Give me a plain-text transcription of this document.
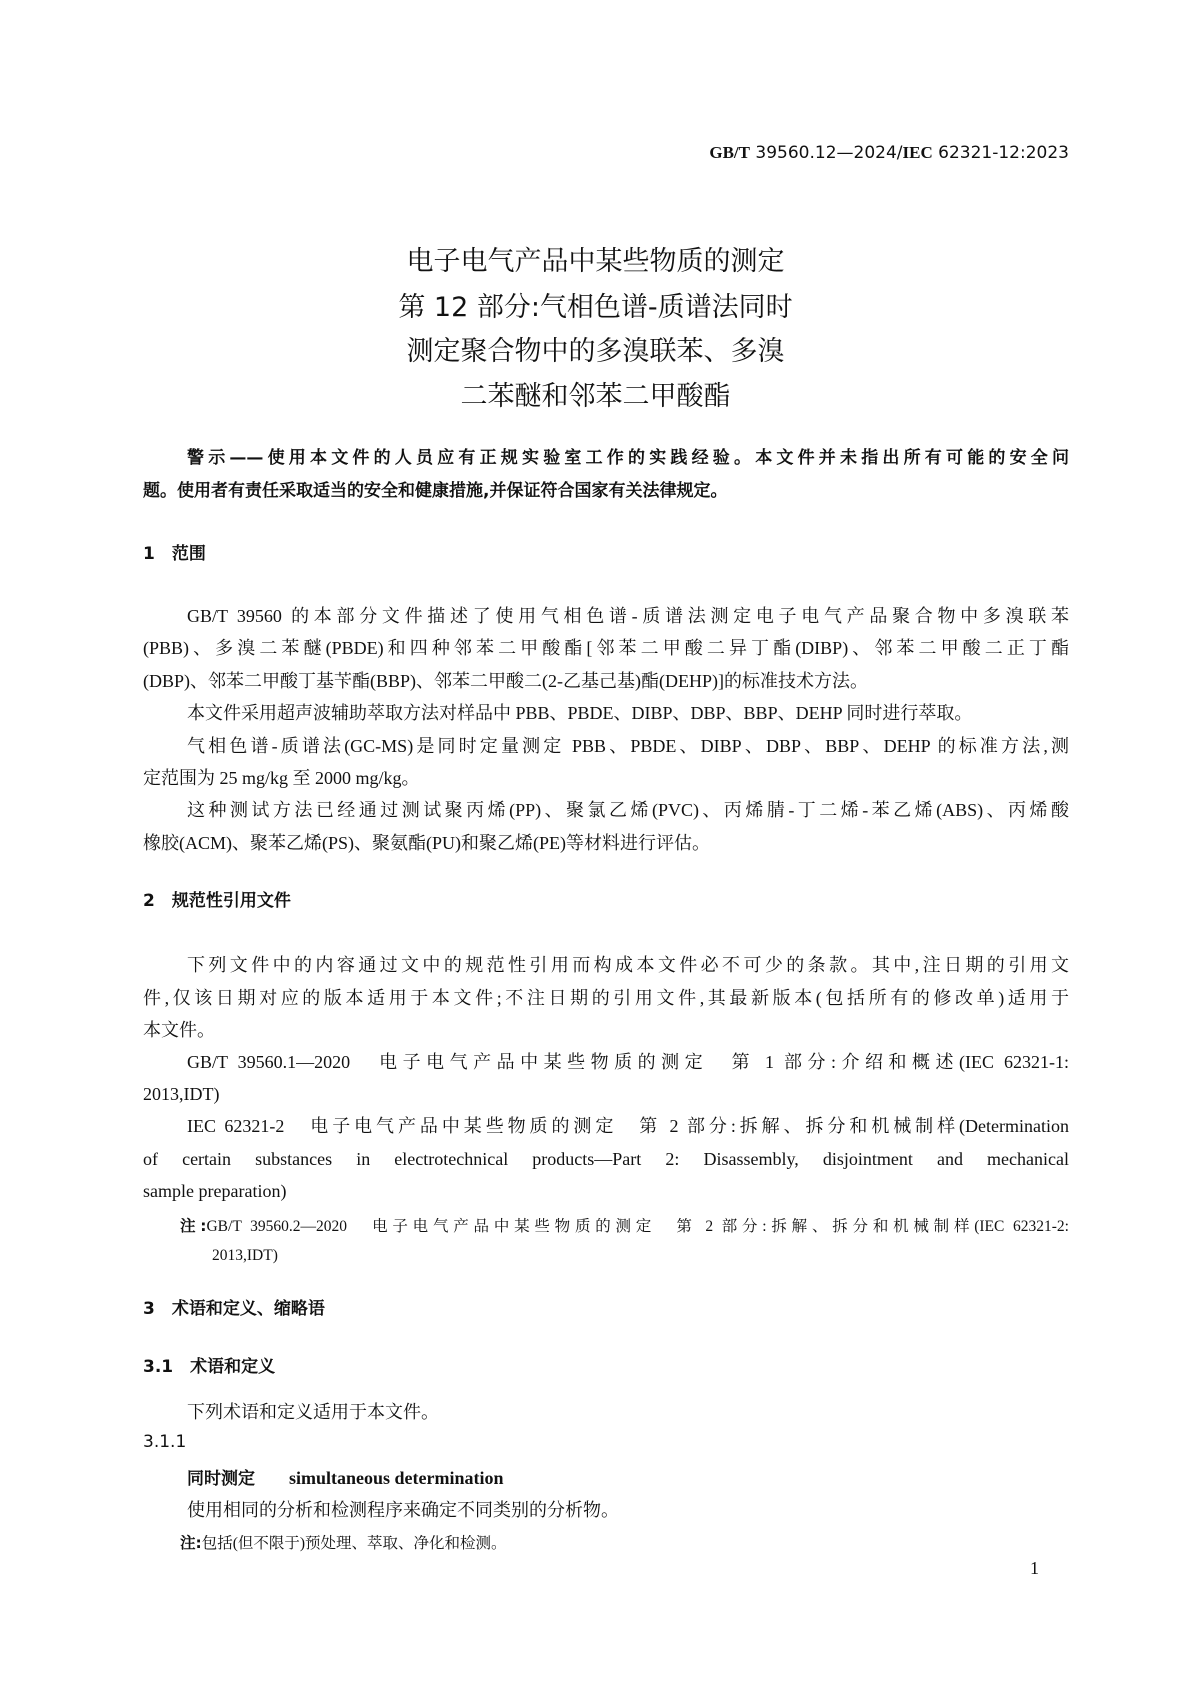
GB/T 39560.12—2024/IEC 62321-12:2023
电子电气产品中某些物质的测定
第 12 部分:气相色谱-质谱法同时
测定聚合物中的多溴联苯、多溴
二苯醚和邻苯二甲酸酯
警示——使用本文件的人员应有正规实验室工作的实践经验。本文件并未指出所有可能的安全问
题。使用者有责任采取适当的安全和健康措施,并保证符合国家有关法律规定。
1　范围
GB/T 39560 的本部分文件描述了使用气相色谱-质谱法测定电子电气产品聚合物中多溴联苯
(PBB)、多溴二苯醚(PBDE)和四种邻苯二甲酸酯[邻苯二甲酸二异丁酯(DIBP)、邻苯二甲酸二正丁酯
(DBP)、邻苯二甲酸丁基苄酯(BBP)、邻苯二甲酸二(2-乙基己基)酯(DEHP)]的标准技术方法。
本文件采用超声波辅助萃取方法对样品中 PBB、PBDE、DIBP、DBP、BBP、DEHP 同时进行萃取。
气相色谱-质谱法(GC-MS)是同时定量测定 PBB、PBDE、DIBP、DBP、BBP、DEHP 的标准方法,测
定范围为 25 mg/kg 至 2000 mg/kg。
这种测试方法已经通过测试聚丙烯(PP)、聚氯乙烯(PVC)、丙烯腈-丁二烯-苯乙烯(ABS)、丙烯酸
橡胶(ACM)、聚苯乙烯(PS)、聚氨酯(PU)和聚乙烯(PE)等材料进行评估。
2　规范性引用文件
下列文件中的内容通过文中的规范性引用而构成本文件必不可少的条款。其中,注日期的引用文
件,仅该日期对应的版本适用于本文件;不注日期的引用文件,其最新版本(包括所有的修改单)适用于
本文件。
GB/T 39560.1—2020　电子电气产品中某些物质的测定　第 1 部分:介绍和概述(IEC 62321-1:
2013,IDT)
IEC 62321-2　电子电气产品中某些物质的测定　第 2 部分:拆解、拆分和机械制样(Determination
of certain substances in electrotechnical products—Part 2: Disassembly, disjointment and mechanical
sample preparation)
注:GB/T 39560.2—2020　电子电气产品中某些物质的测定　第 2 部分:拆解、拆分和机械制样(IEC 62321-2:
2013,IDT)
3　术语和定义、缩略语
3.1　术语和定义
下列术语和定义适用于本文件。
3.1.1
同时测定 simultaneous determination
使用相同的分析和检测程序来确定不同类别的分析物。
注:包括(但不限于)预处理、萃取、净化和检测。
1
